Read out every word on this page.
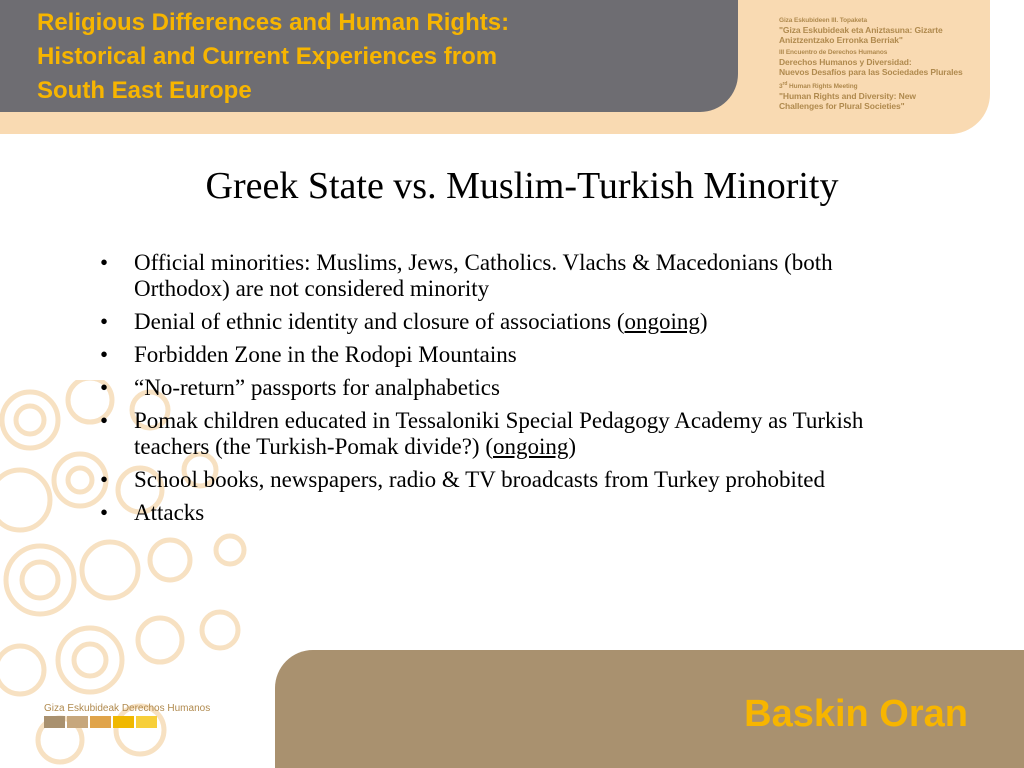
Religious Differences and Human Rights:
Historical and Current Experiences from
South East Europe
Giza Eskubideen III. Topaketa
"Giza Eskubideak eta Aniztasuna: Gizarte
Aniztzentzako Erronka Berriak"
III Encuentro de Derechos Humanos
Derechos Humanos y Diversidad:
Nuevos Desafíos para las Sociedades Plurales
3rd Human Rights Meeting
"Human Rights and Diversity: New
Challenges for Plural Societies"
Greek State vs. Muslim-Turkish Minority
• Official minorities: Muslims, Jews, Catholics. Vlachs & Macedonians (both Orthodox) are not considered minority
• Denial of ethnic identity and closure of associations (ongoing)
• Forbidden Zone in the Rodopi Mountains
• “No-return” passports for analphabetics
• Pomak children educated in Tessaloniki Special Pedagogy Academy as Turkish teachers (the Turkish-Pomak divide?) (ongoing)
• School books, newspapers, radio & TV broadcasts from Turkey prohobited
• Attacks
Baskin Oran
Giza Eskubideak Derechos Humanos
